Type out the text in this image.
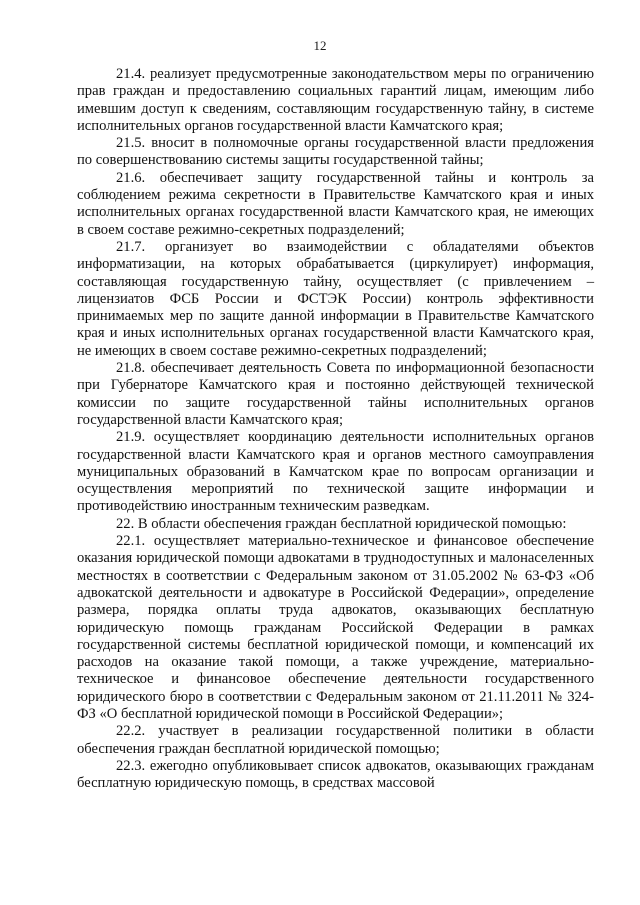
12

21.4. реализует предусмотренные законодательством меры по ограничению прав граждан и предоставлению социальных гарантий лицам, имеющим либо имевшим доступ к сведениям, составляющим государственную тайну, в системе исполнительных органов государственной власти Камчатского края;

21.5. вносит в полномочные органы государственной власти предложения по совершенствованию системы защиты государственной тайны;

21.6. обеспечивает защиту государственной тайны и контроль за соблюдением режима секретности в Правительстве Камчатского края и иных исполнительных органах государственной власти Камчатского края, не имеющих в своем составе режимно-секретных подразделений;

21.7. организует во взаимодействии с обладателями объектов информатизации, на которых обрабатывается (циркулирует) информация, составляющая государственную тайну, осуществляет (с привлечением – лицензиатов ФСБ России и ФСТЭК России) контроль эффективности принимаемых мер по защите данной информации в Правительстве Камчатского края и иных исполнительных органах государственной власти Камчатского края, не имеющих в своем составе режимно-секретных подразделений;

21.8. обеспечивает деятельность Совета по информационной безопасности при Губернаторе Камчатского края и постоянно действующей технической комиссии по защите государственной тайны исполнительных органов государственной власти Камчатского края;

21.9. осуществляет координацию деятельности исполнительных органов государственной власти Камчатского края и органов местного самоуправления муниципальных образований в Камчатском крае по вопросам организации и осуществления мероприятий по технической защите информации и противодействию иностранным техническим разведкам.

22. В области обеспечения граждан бесплатной юридической помощью:

22.1. осуществляет материально-техническое и финансовое обеспечение оказания юридической помощи адвокатами в труднодоступных и малонаселенных местностях в соответствии с Федеральным законом от 31.05.2002 № 63-ФЗ «Об адвокатской деятельности и адвокатуре в Российской Федерации», определение размера, порядка оплаты труда адвокатов, оказывающих бесплатную юридическую помощь гражданам Российской Федерации в рамках государственной системы бесплатной юридической помощи, и компенсаций их расходов на оказание такой помощи, а также учреждение, материально-техническое и финансовое обеспечение деятельности государственного юридического бюро в соответствии с Федеральным законом от 21.11.2011 № 324-ФЗ «О бесплатной юридической помощи в Российской Федерации»;

22.2. участвует в реализации государственной политики в области обеспечения граждан бесплатной юридической помощью;

22.3. ежегодно опубликовывает список адвокатов, оказывающих гражданам бесплатную юридическую помощь, в средствах массовой
